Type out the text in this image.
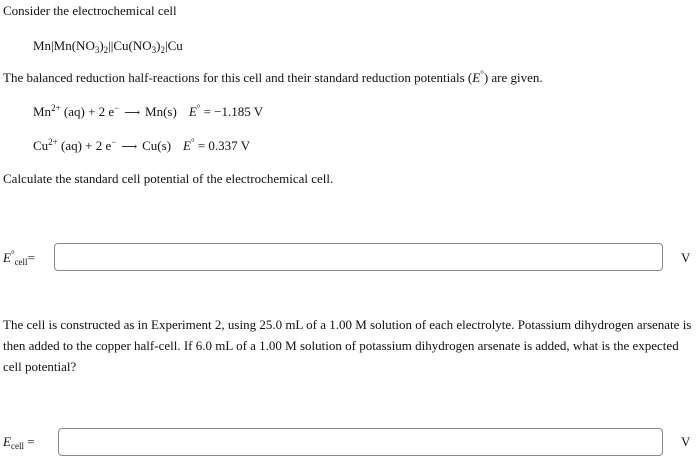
Consider the electrochemical cell
$Mn|Mn(NO_3)_2||Cu(NO_3)_2|Cu$
The balanced reduction half-reactions for this cell and their standard reduction potentials (E°) are given.
$Mn^{2+}$ (aq) + 2 e− ⟶ Mn(s) E° = −1.185 V
$Cu^{2+}$ (aq) + 2 e− ⟶ Cu(s) E° = 0.337 V
Calculate the standard cell potential of the electrochemical cell.
$E^\circ_{cell}=$	V
The cell is constructed as in Experiment 2, using 25.0 mL of a 1.00 M solution of each electrolyte. Potassium dihydrogen arsenate is then added to the copper half-cell. If 6.0 mL of a 1.00 M solution of potassium dihydrogen arsenate is added, what is the expected cell potential?
$E_{cell}$ =	V
